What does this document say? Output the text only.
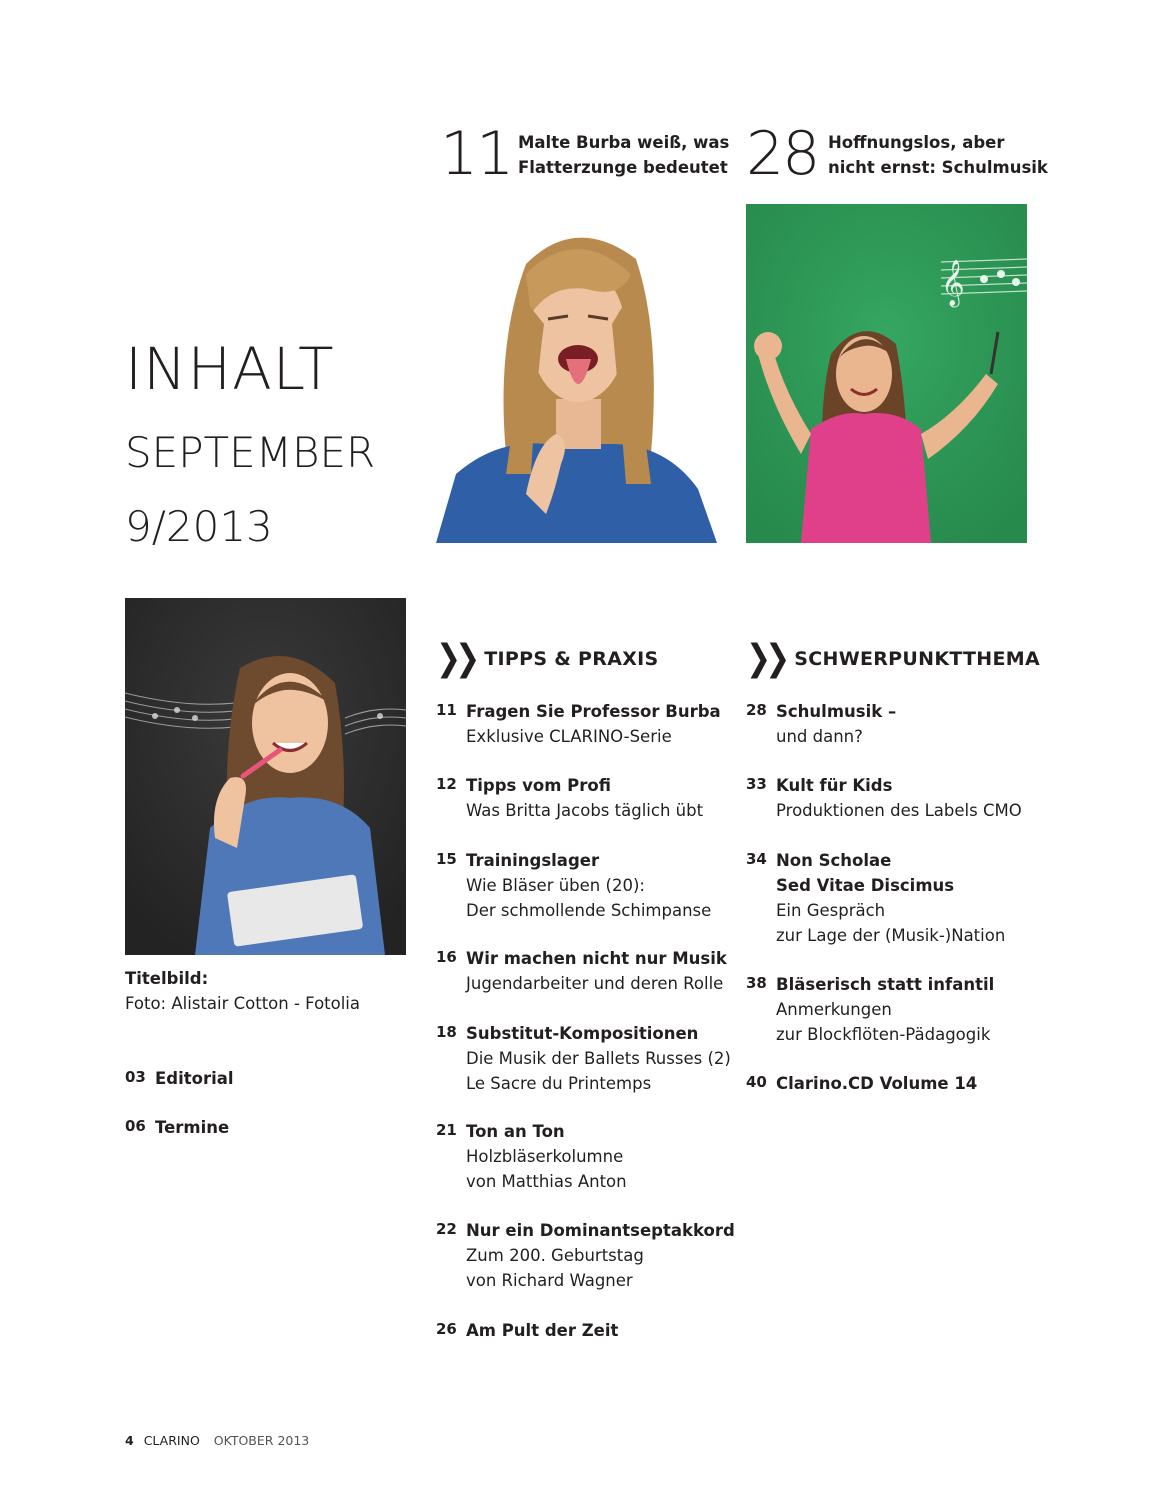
11 Malte Burba weiß, was
Flatterzunge bedeutet 28 Hoffnungslos, aber
nicht ernst: Schulmusik
𝄞
INHALT
SEPTEMBER
9/2013
Titelbild:
Foto: Alistair Cotton - Fotolia
03 Editorial
06 Termine
❯❯ TIPPS & PRAXIS	❯❯ SCHWERPUNKTTHEMA
11 Fragen Sie Professor Burba
Exklusive CLARINO-Serie
12 Tipps vom Profi
Was Britta Jacobs täglich übt
15 Trainingslager
Wie Bläser üben (20):
Der schmollende Schimpanse
16 Wir machen nicht nur Musik
Jugendarbeiter und deren Rolle
18 Substitut-Kompositionen
Die Musik der Ballets Russes (2)
Le Sacre du Printemps
21 Ton an Ton
Holzbläserkolumne
von Matthias Anton
22 Nur ein Dominantseptakkord
Zum 200. Geburtstag
von Richard Wagner
26 Am Pult der Zeit
28 Schulmusik –
und dann?
33 Kult für Kids
Produktionen des Labels CMO
34 Non Scholae
Sed Vitae Discimus
Ein Gespräch
zur Lage der (Musik-)Nation
38 Bläserisch statt infantil
Anmerkungen
zur Blockflöten-Pädagogik
40 Clarino.CD Volume 14
4 CLARINO OKTOBER 2013
